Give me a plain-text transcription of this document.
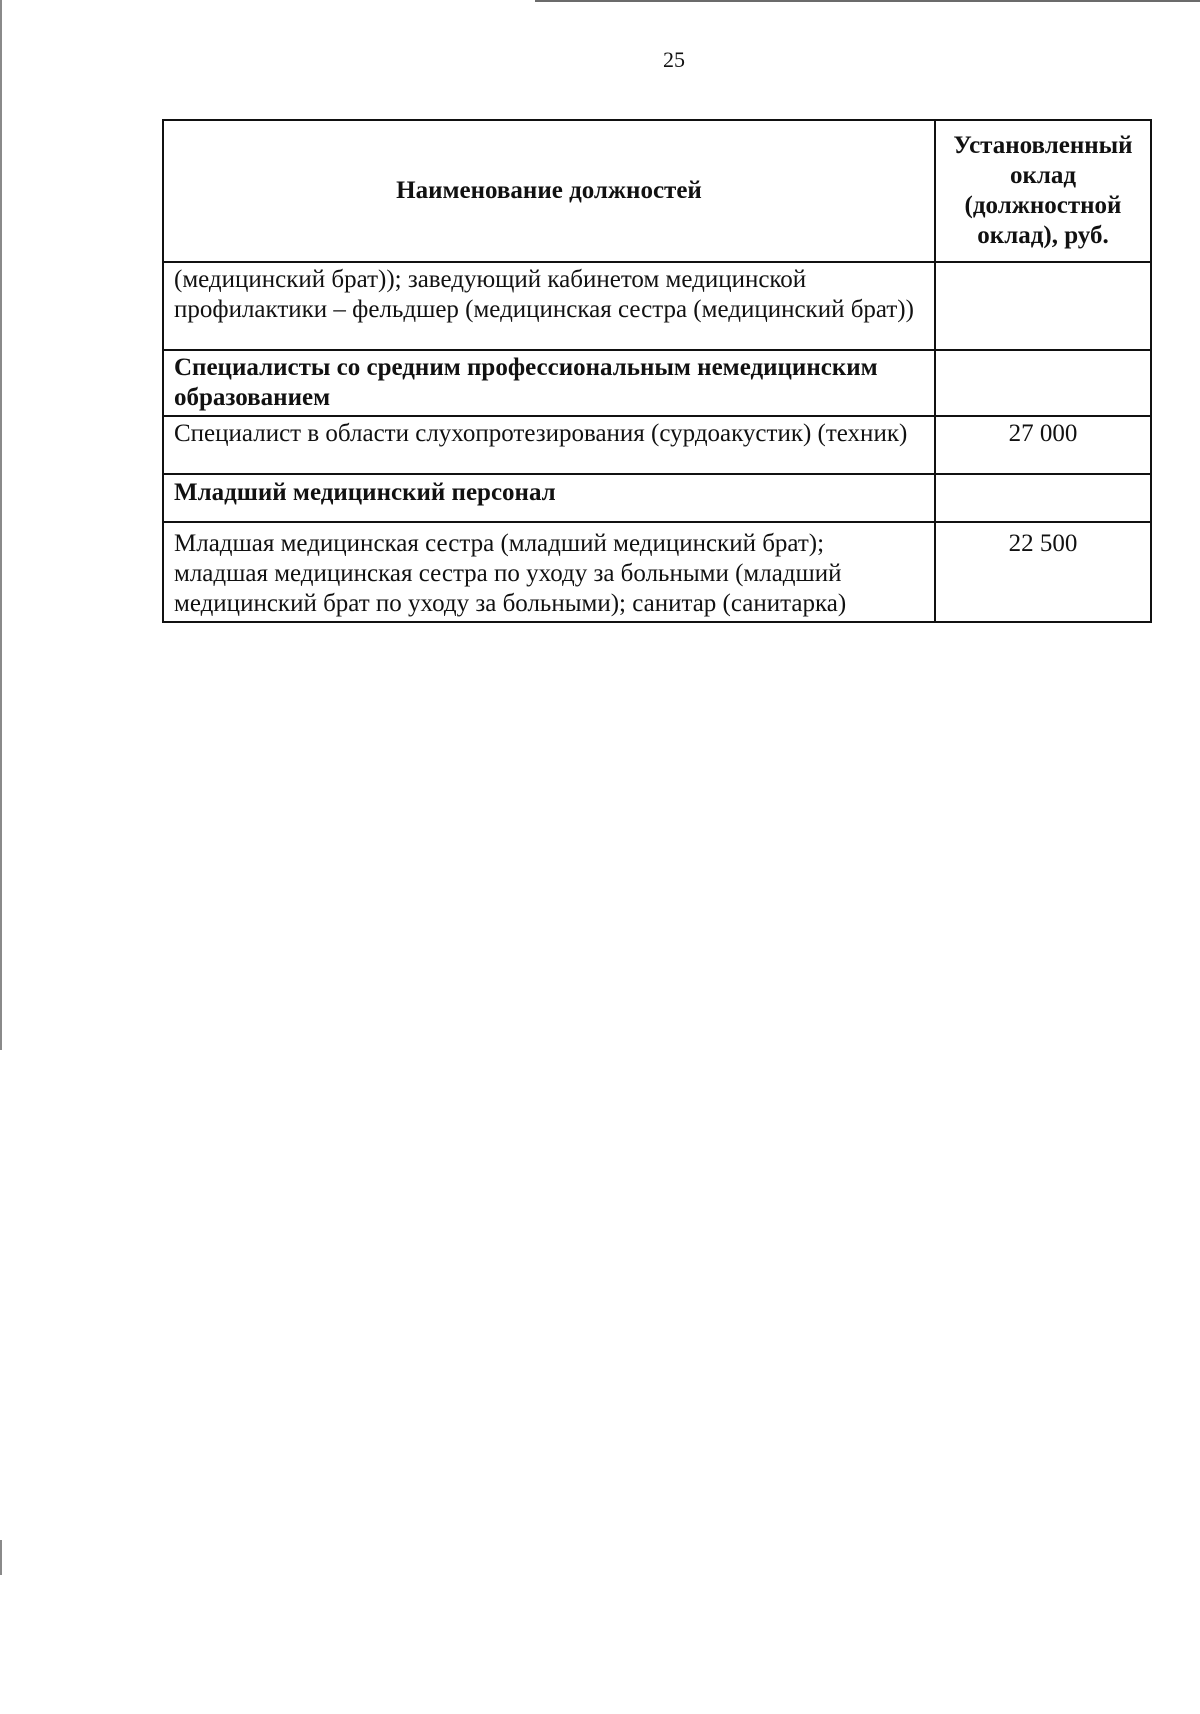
25
Наименование должностей	Установленный оклад (должностной оклад), руб.
(медицинский брат)); заведующий кабинетом медицинской профилактики – фельдшер (медицинская сестра (медицинский брат))	
Специалисты со средним профессиональным немедицинским образованием	
Специалист в области слухопротезирования (сурдоакустик) (техник)	27 000
Младший медицинский персонал	
Младшая медицинская сестра (младший медицинский брат); младшая медицинская сестра по уходу за больными (младший медицинский брат по уходу за больными); санитар (санитарка)	22 500
